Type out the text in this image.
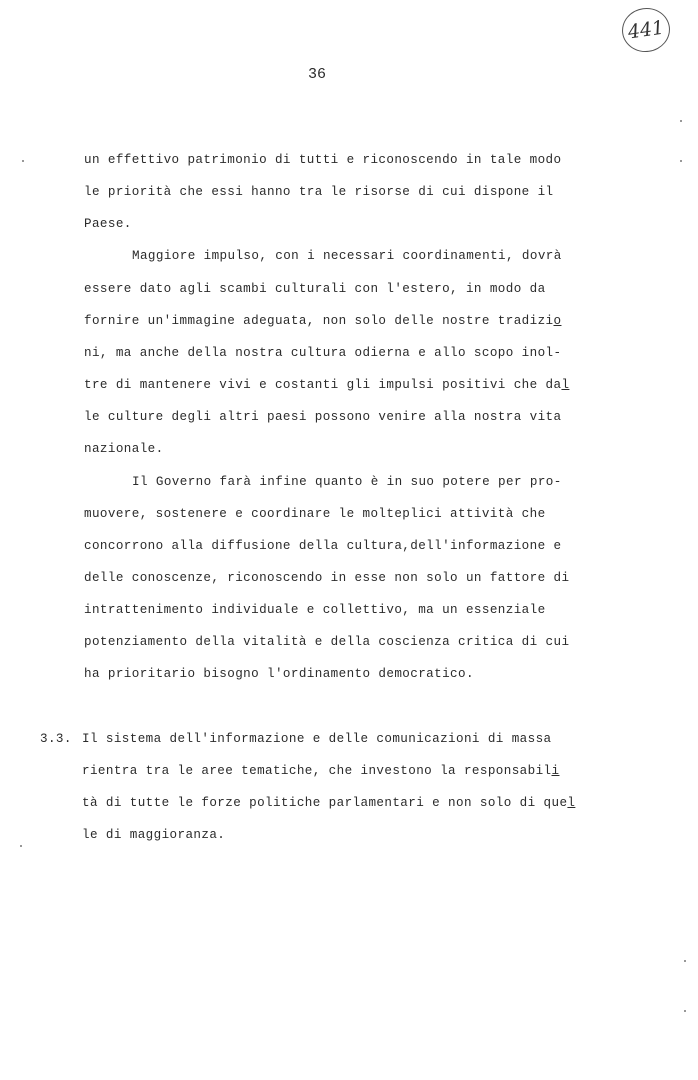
441
36
un effettivo patrimonio di tutti e riconoscendo in tale modo
le priorità che essi hanno tra le risorse di cui dispone il
Paese.
Maggiore impulso, con i necessari coordinamenti, dovrà
essere dato agli scambi culturali con l'estero, in modo da
fornire un'immagine adeguata, non solo delle nostre tradizio
ni, ma anche della nostra cultura odierna e allo scopo inol-
tre di mantenere vivi e costanti gli impulsi positivi che dal
le culture degli altri paesi possono venire alla nostra vita
nazionale.
Il Governo farà infine quanto è in suo potere per pro-
muovere, sostenere e coordinare le molteplici attività che
concorrono alla diffusione della cultura,dell'informazione e
delle conoscenze, riconoscendo in esse non solo un fattore di
intrattenimento individuale e collettivo, ma un essenziale
potenziamento della vitalità e della coscienza critica di cui
ha prioritario bisogno l'ordinamento democratico.
3.3. Il sistema dell'informazione e delle comunicazioni di massa
rientra tra le aree tematiche, che investono la responsabili
tà di tutte le forze politiche parlamentari e non solo di quel
le di maggioranza.
